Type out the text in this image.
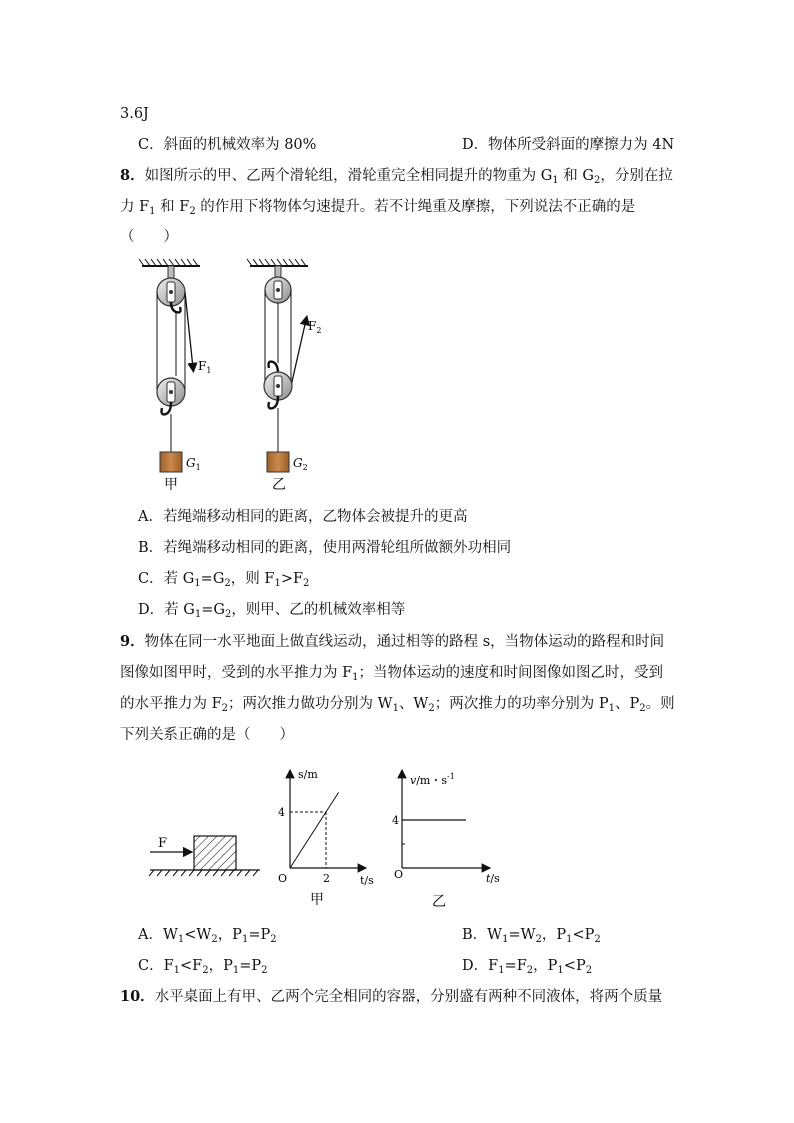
3.6J
C．斜面的机械效率为 80%	D．物体所受斜面的摩擦力为 4N
8．如图所示的甲、乙两个滑轮组，滑轮重完全相同提升的物重为 $G_1$ 和 $G_2$，分别在拉
力 $F_1$ 和 $F_2$ 的作用下将物体匀速提升。若不计绳重及摩擦，下列说法不正确的是
（　　）
$F_1$
$G_1$
甲
$F_2$
$G_2$
乙
A．若绳端移动相同的距离，乙物体会被提升的更高
B．若绳端移动相同的距离，使用两滑轮组所做额外功相同
C．若 $G_1=G_2$，则 $F_1>F_2$
D．若 $G_1=G_2$，则甲、乙的机械效率相等
9．物体在同一水平地面上做直线运动，通过相等的路程 s，当物体运动的路程和时间
图像如图甲时，受到的水平推力为 $F_1$；当物体运动的速度和时间图像如图乙时，受到
的水平推力为 $F_2$；两次推力做功分别为 $W_1$、$W_2$；两次推力的功率分别为 $P_1$、$P_2$。则
下列关系正确的是（　　）
F
s/m
t/s
O
4
2
甲
v/m・$s^{-1}$
t/s
O
4
乙
A．$W_1<W_2$，$P_1=P_2$	B．$W_1=W_2$，$P_1<P_2$
C．$F_1<F_2$，$P_1=P_2$	D．$F_1=F_2$，$P_1<P_2$
10．水平桌面上有甲、乙两个完全相同的容器，分别盛有两种不同液体，将两个质量
